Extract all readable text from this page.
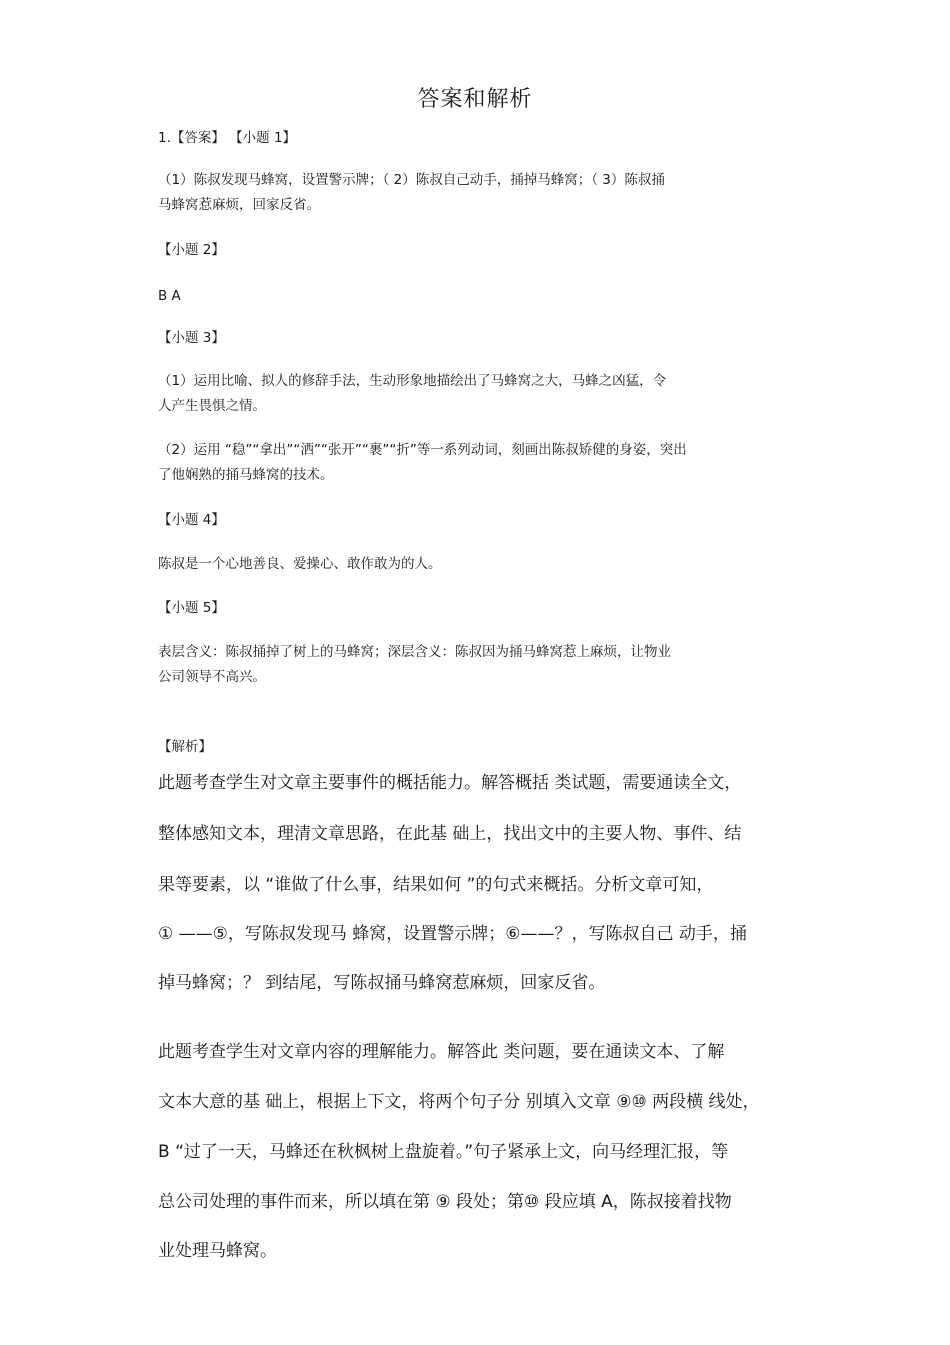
答案和解析
1.【答案】 【小题 1】
（1）陈叔发现马蜂窝，设置警示牌；（ 2）陈叔自己动手，捅掉马蜂窝；（ 3）陈叔捅
马蜂窝惹麻烦，回家反省。
【小题 2】
B A
【小题 3】
（1）运用比喻、拟人的修辞手法，生动形象地描绘出了马蜂窝之大，马蜂之凶猛，令
人产生畏惧之情。
（2）运用 “稳”“拿出”“洒”“张开”“裹”“折”等一系列动词，刻画出陈叔矫健的身姿，突出
了他娴熟的捅马蜂窝的技术。
【小题 4】
陈叔是一个心地善良、爱操心、敢作敢为的人。
【小题 5】
表层含义：陈叔捅掉了树上的马蜂窝；深层含义：陈叔因为捅马蜂窝惹上麻烦，让物业
公司领导不高兴。
【解析】
此题考查学生对文章主要事件的概括能力。解答概括 类试题，需要通读全文，
整体感知文本，理清文章思路，在此基 础上，找出文中的主要人物、事件、结
果等要素，以 “谁做了什么事，结果如何 ”的句式来概括。分析文章可知，
① ——⑤，写陈叔发现马 蜂窝，设置警示牌；⑥——？，写陈叔自己 动手，捅
掉马蜂窝；？ 到结尾，写陈叔捅马蜂窝惹麻烦，回家反省。
此题考查学生对文章内容的理解能力。解答此 类问题，要在通读文本、了解
文本大意的基 础上，根据上下文，将两个句子分 别填入文章 ⑨⑩ 两段横 线处，
B “过了一天，马蜂还在秋枫树上盘旋着。”句子紧承上文，向马经理汇报，等
总公司处理的事件而来，所以填在第 ⑨ 段处；第⑩ 段应填 A，陈叔接着找物
业处理马蜂窝。
